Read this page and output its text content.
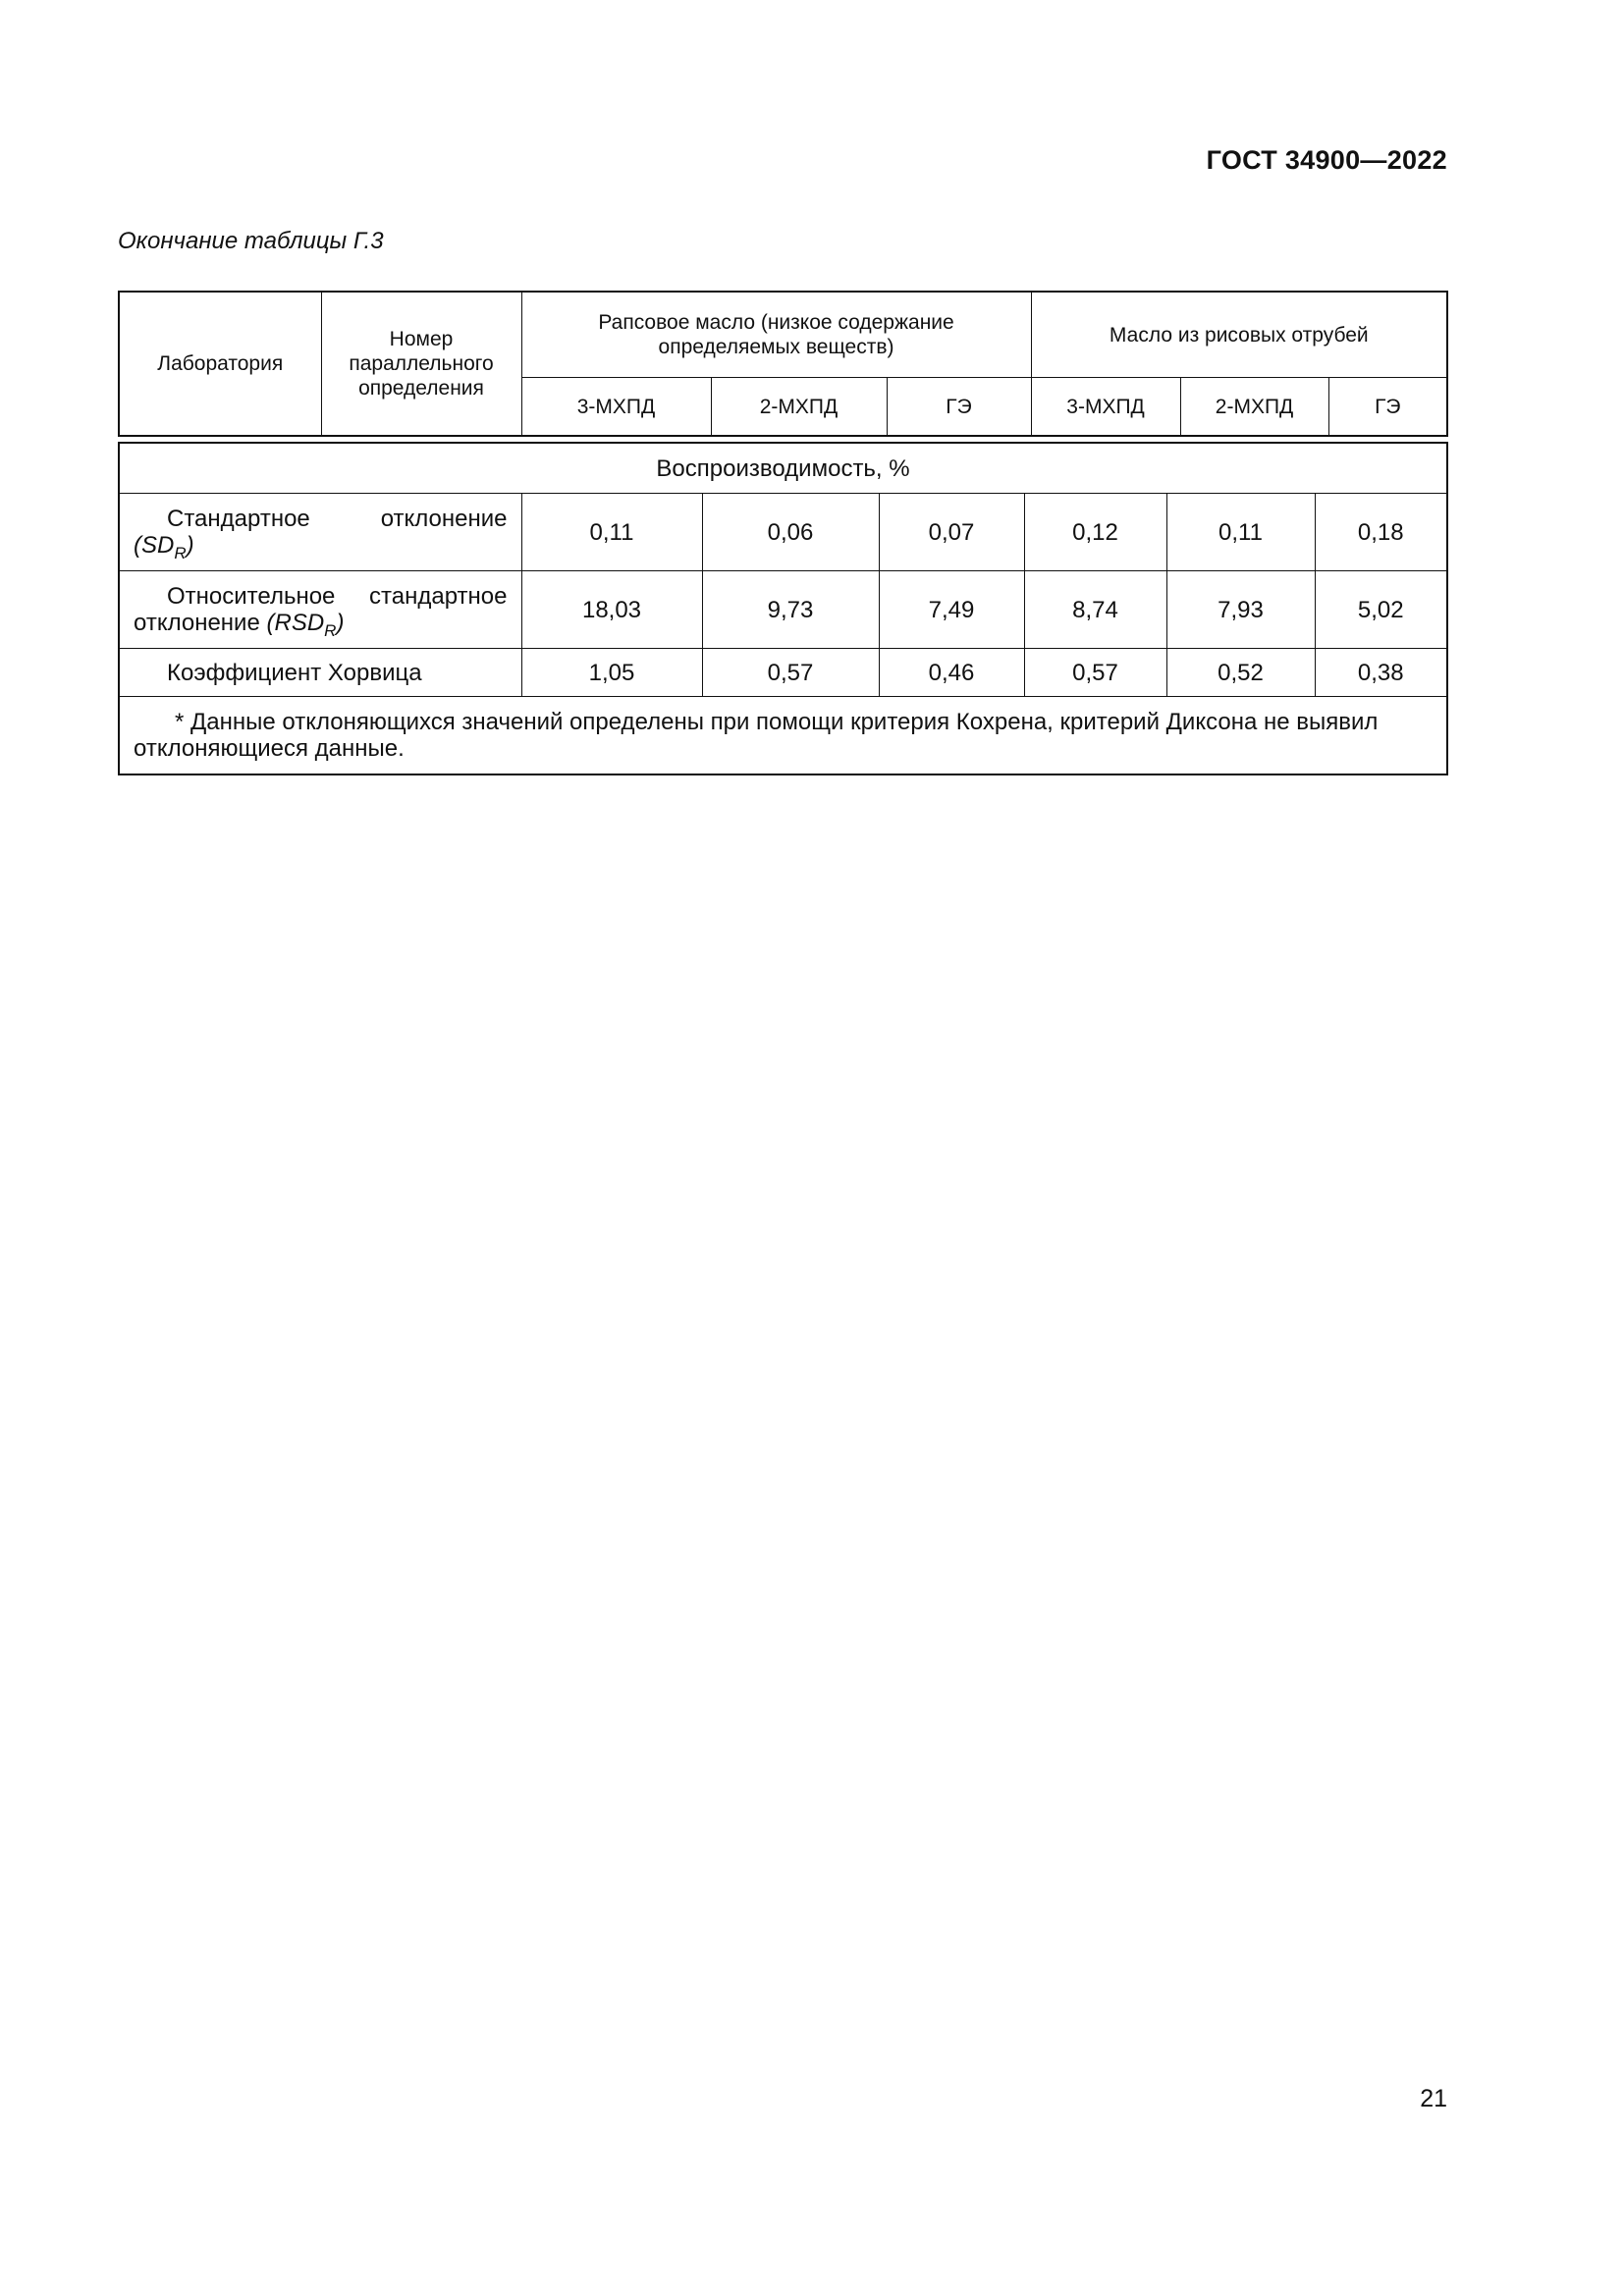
ГОСТ 34900—2022
Окончание таблицы Г.3
Лаборатория	Номер параллельного определения	Рапсовое масло (низкое содержание определяемых веществ)			Масло из рисовых отрубей		
		3-МХПД	2-МХПД	ГЭ	3-МХПД	2-МХПД	ГЭ
Воспроизводимость, %						
Стандартное отклонение $(SD_R)$	0,11	0,06	0,07	0,12	0,11	0,18
Относительное стандартное отклонение $(RSD_R)$	18,03	9,73	7,49	8,74	7,93	5,02
Коэффициент Хорвица	1,05	0,57	0,46	0,57	0,52	0,38
* Данные отклоняющихся значений определены при помощи критерия Кохрена, критерий Диксона не выявил отклоняющиеся данные.						
21
